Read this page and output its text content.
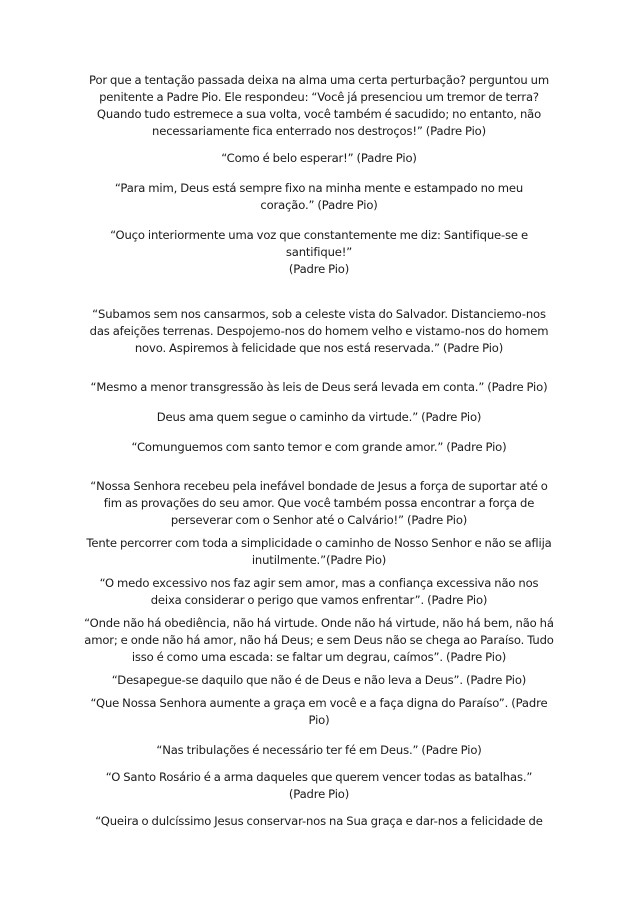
Por que a tentação passada deixa na alma uma certa perturbação? perguntou um penitente a Padre Pio. Ele respondeu: “Você já presenciou um tremor de terra? Quando tudo estremece a sua volta, você também é sacudido; no entanto, não necessariamente fica enterrado nos destroços!” (Padre Pio)

“Como é belo esperar!” (Padre Pio)

“Para mim, Deus está sempre fixo na minha mente e estampado no meu coração.” (Padre Pio)

“Ouço interiormente uma voz que constantemente me diz: Santifique-se e santifique!”

(Padre Pio)

“Subamos sem nos cansarmos, sob a celeste vista do Salvador. Distanciemo-nos das afeições terrenas. Despojemo-nos do homem velho e vistamo-nos do homem novo. Aspiremos à felicidade que nos está reservada.” (Padre Pio)

“Mesmo a menor transgressão às leis de Deus será levada em conta.” (Padre Pio)

Deus ama quem segue o caminho da virtude.” (Padre Pio)

“Comunguemos com santo temor e com grande amor.” (Padre Pio)

“Nossa Senhora recebeu pela inefável bondade de Jesus a força de suportar até o fim as provações do seu amor. Que você também possa encontrar a força de perseverar com o Senhor até o Calvário!” (Padre Pio)

Tente percorrer com toda a simplicidade o caminho de Nosso Senhor e não se aflija inutilmente.”(Padre Pio)

“O medo excessivo nos faz agir sem amor, mas a confiança excessiva não nos deixa considerar o perigo que vamos enfrentar”. (Padre Pio)

“Onde não há obediência, não há virtude. Onde não há virtude, não há bem, não há amor; e onde não há amor, não há Deus; e sem Deus não se chega ao Paraíso. Tudo isso é como uma escada: se faltar um degrau, caímos”. (Padre Pio)

“Desapegue-se daquilo que não é de Deus e não leva a Deus”. (Padre Pio)

“Que Nossa Senhora aumente a graça em você e a faça digna do Paraíso”. (Padre Pio)

“Nas tribulações é necessário ter fé em Deus.” (Padre Pio)

“O Santo Rosário é a arma daqueles que querem vencer todas as batalhas.” (Padre Pio)

“Queira o dulcíssimo Jesus conservar-nos na Sua graça e dar-nos a felicidade de
